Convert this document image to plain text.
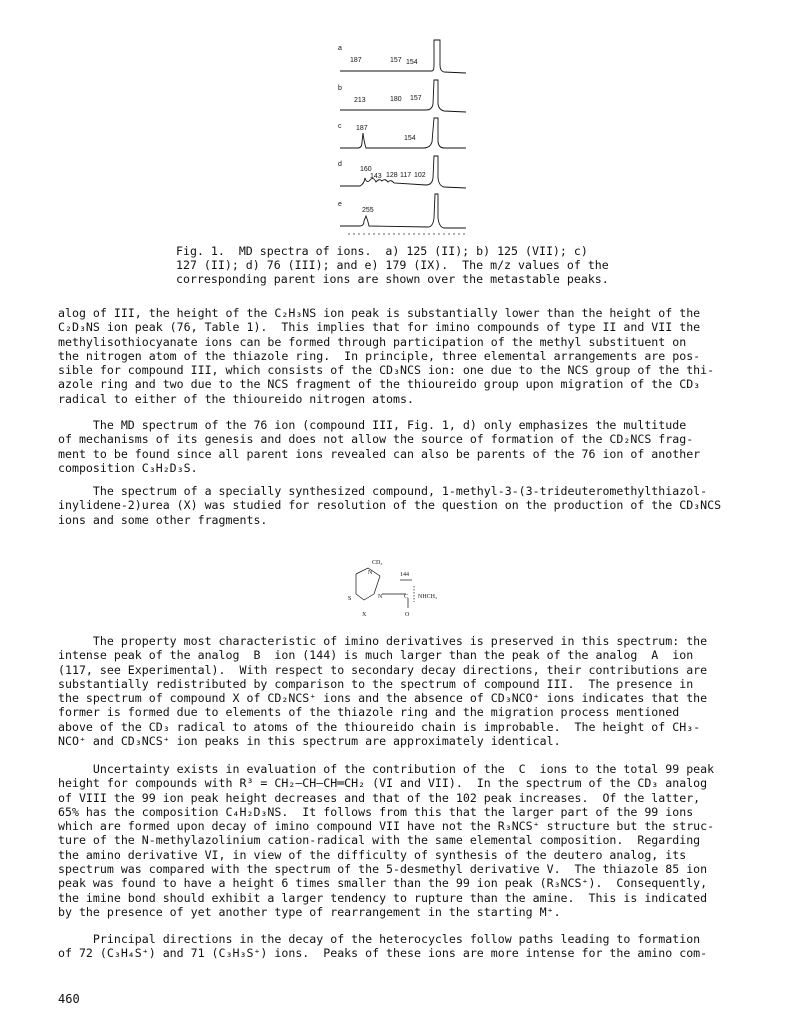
a
187	157 154
b
213	180 157
c 187
154
d
160
143 128 117 102
e
255
Fig. 1.  MD spectra of ions.  a) 125 (II); b) 125 (VII); c)
127 (II); d) 76 (III); and e) 179 (IX).  The m/z values of the
corresponding parent ions are shown over the metastable peaks.

alog of III, the height of the C₂H₃NS ion peak is substantially lower than the height of the
C₂D₃NS ion peak (76, Table 1).  This implies that for imino compounds of type II and VII the
methylisothiocyanate ions can be formed through participation of the methyl substituent on
the nitrogen atom of the thiazole ring.  In principle, three elemental arrangements are pos-
sible for compound III, which consists of the CD₃NCS ion: one due to the NCS group of the thi-
azole ring and two due to the NCS fragment of the thioureido group upon migration of the CD₃
radical to either of the thioureido nitrogen atoms.

The MD spectrum of the 76 ion (compound III, Fig. 1, d) only emphasizes the multitude
of mechanisms of its genesis and does not allow the source of formation of the CD₂NCS frag-
ment to be found since all parent ions revealed can also be parents of the 76 ion of another
composition C₃H₂D₃S.

The spectrum of a specially synthesized compound, 1-methyl-3-(3-trideuteromethylthiazol-
inylidene-2)urea (X) was studied for resolution of the question on the production of the CD₃NCS
ions and some other fragments.

CD₃
N	144
S	N	C NHCH₃
O
X

The property most characteristic of imino derivatives is preserved in this spectrum: the
intense peak of the analog  B  ion (144) is much larger than the peak of the analog  A  ion
(117, see Experimental).  With respect to secondary decay directions, their contributions are
substantially redistributed by comparison to the spectrum of compound III.  The presence in
the spectrum of compound X of CD₂NCS⁺ ions and the absence of CD₃NCO⁺ ions indicates that the
former is formed due to elements of the thiazole ring and the migration process mentioned
above of the CD₃ radical to atoms of the thioureido chain is improbable.  The height of CH₃-
NCO⁺ and CD₃NCS⁺ ion peaks in this spectrum are approximately identical.

Uncertainty exists in evaluation of the contribution of the  C  ions to the total 99 peak
height for compounds with R³ = CH₂–CH–CH═CH₂ (VI and VII).  In the spectrum of the CD₃ analog
of VIII the 99 ion peak height decreases and that of the 102 peak increases.  Of the latter,
65% has the composition C₄H₂D₃NS.  It follows from this that the larger part of the 99 ions
which are formed upon decay of imino compound VII have not the R₃NCS⁺ structure but the struc-
ture of the N-methylazolinium cation-radical with the same elemental composition.  Regarding
the amino derivative VI, in view of the difficulty of synthesis of the deutero analog, its
spectrum was compared with the spectrum of the 5-desmethyl derivative V.  The thiazole 85 ion
peak was found to have a height 6 times smaller than the 99 ion peak (R₃NCS⁺).  Consequently,
the imine bond should exhibit a larger tendency to rupture than the amine.  This is indicated
by the presence of yet another type of rearrangement in the starting M⁺.

Principal directions in the decay of the heterocycles follow paths leading to formation
of 72 (C₃H₄S⁺) and 71 (C₃H₃S⁺) ions.  Peaks of these ions are more intense for the amino com-

460
